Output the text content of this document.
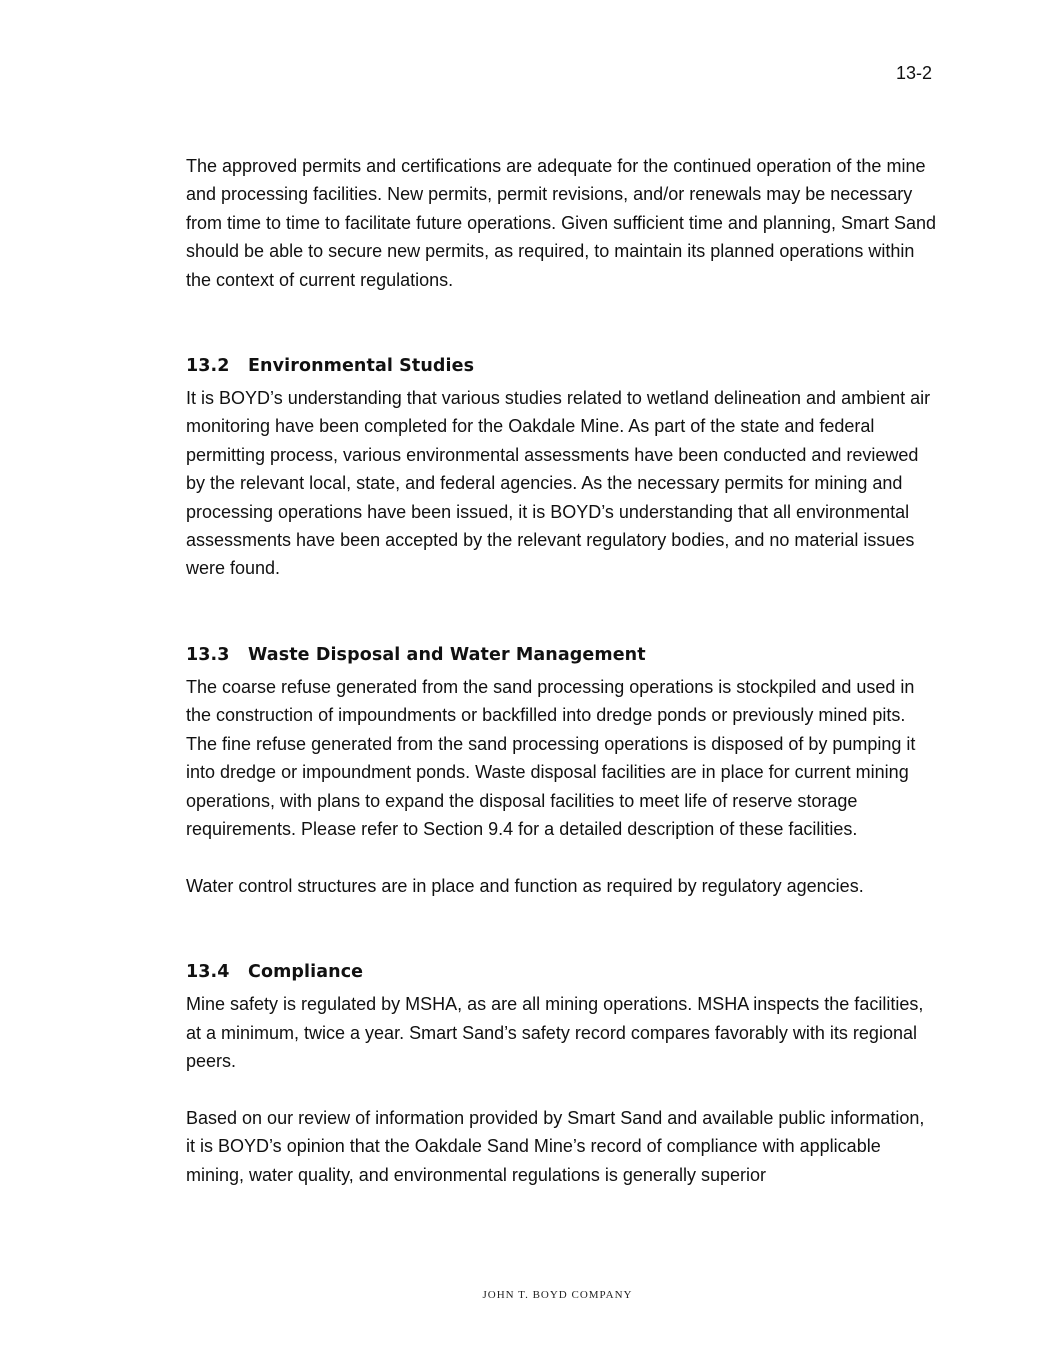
13-2

The approved permits and certifications are adequate for the continued operation of the mine and processing facilities. New permits, permit revisions, and/or renewals may be necessary from time to time to facilitate future operations. Given sufficient time and planning, Smart Sand should be able to secure new permits, as required, to maintain its planned operations within the context of current regulations.

13.2 Environmental Studies

It is BOYD’s understanding that various studies related to wetland delineation and ambient air monitoring have been completed for the Oakdale Mine. As part of the state and federal permitting process, various environmental assessments have been conducted and reviewed by the relevant local, state, and federal agencies. As the necessary permits for mining and processing operations have been issued, it is BOYD’s understanding that all environmental assessments have been accepted by the relevant regulatory bodies, and no material issues were found.

13.3 Waste Disposal and Water Management

The coarse refuse generated from the sand processing operations is stockpiled and used in the construction of impoundments or backfilled into dredge ponds or previously mined pits. The fine refuse generated from the sand processing operations is disposed of by pumping it into dredge or impoundment ponds. Waste disposal facilities are in place for current mining operations, with plans to expand the disposal facilities to meet life of reserve storage requirements. Please refer to Section 9.4 for a detailed description of these facilities.

Water control structures are in place and function as required by regulatory agencies.

13.4 Compliance

Mine safety is regulated by MSHA, as are all mining operations. MSHA inspects the facilities, at a minimum, twice a year. Smart Sand’s safety record compares favorably with its regional peers.

Based on our review of information provided by Smart Sand and available public information, it is BOYD’s opinion that the Oakdale Sand Mine’s record of compliance with applicable mining, water quality, and environmental regulations is generally superior

JOHN T. BOYD COMPANY
